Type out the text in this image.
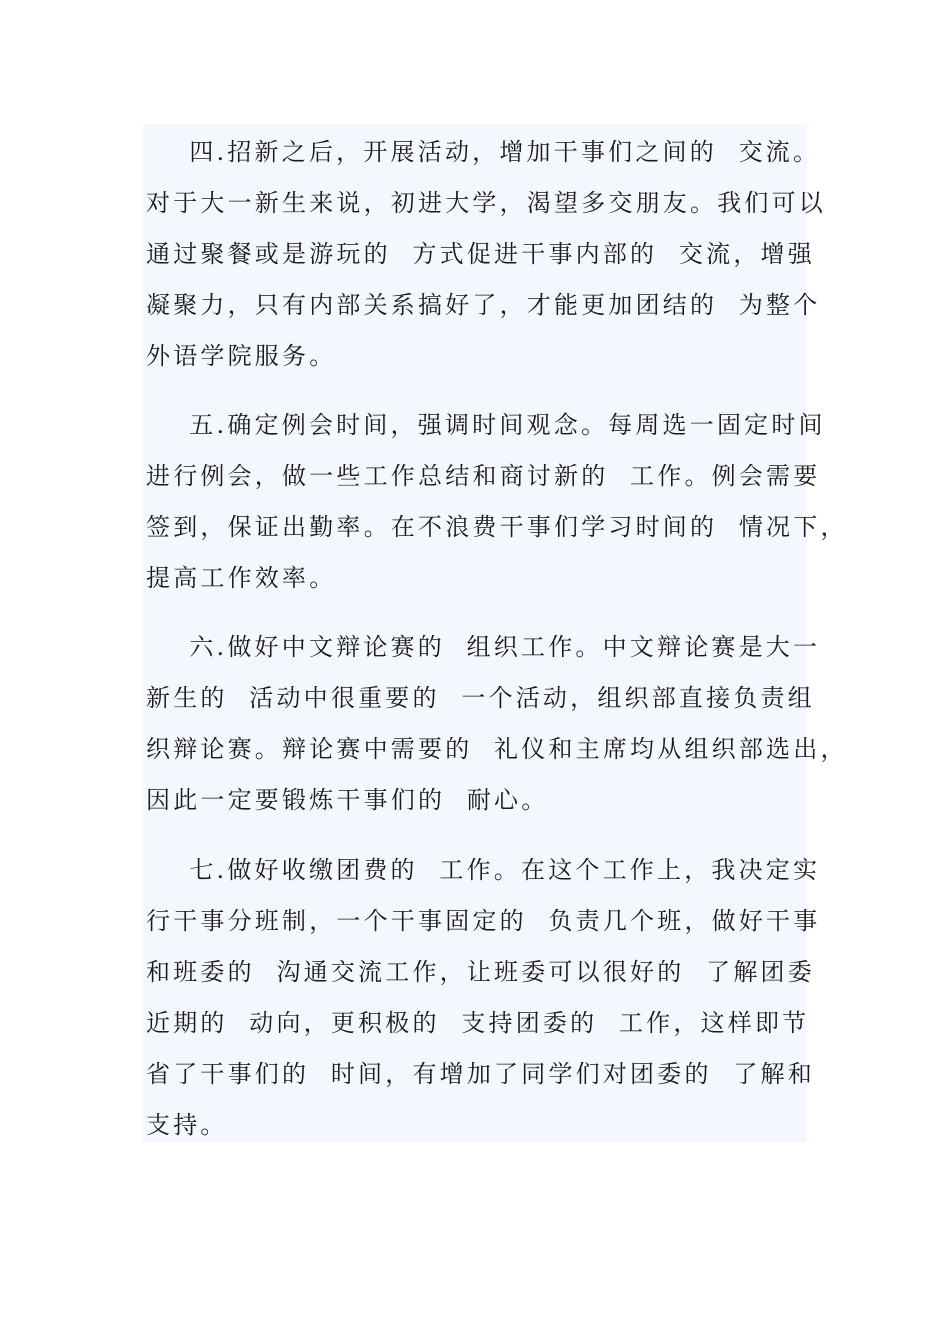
四.招新之后，开展活动，增加干事们之间的  交流。
对于大一新生来说，初进大学，渴望多交朋友。我们可以
通过聚餐或是游玩的  方式促进干事内部的  交流，增强
凝聚力，只有内部关系搞好了，才能更加团结的  为整个
外语学院服务。
五.确定例会时间，强调时间观念。每周选一固定时间
进行例会，做一些工作总结和商讨新的  工作。例会需要
签到，保证出勤率。在不浪费干事们学习时间的  情况下，
提高工作效率。
六.做好中文辩论赛的  组织工作。中文辩论赛是大一
新生的  活动中很重要的  一个活动，组织部直接负责组
织辩论赛。辩论赛中需要的  礼仪和主席均从组织部选出，
因此一定要锻炼干事们的  耐心。
七.做好收缴团费的  工作。在这个工作上，我决定实
行干事分班制，一个干事固定的  负责几个班，做好干事
和班委的  沟通交流工作，让班委可以很好的  了解团委
近期的  动向，更积极的  支持团委的  工作，这样即节
省了干事们的  时间，有增加了同学们对团委的  了解和
支持。
